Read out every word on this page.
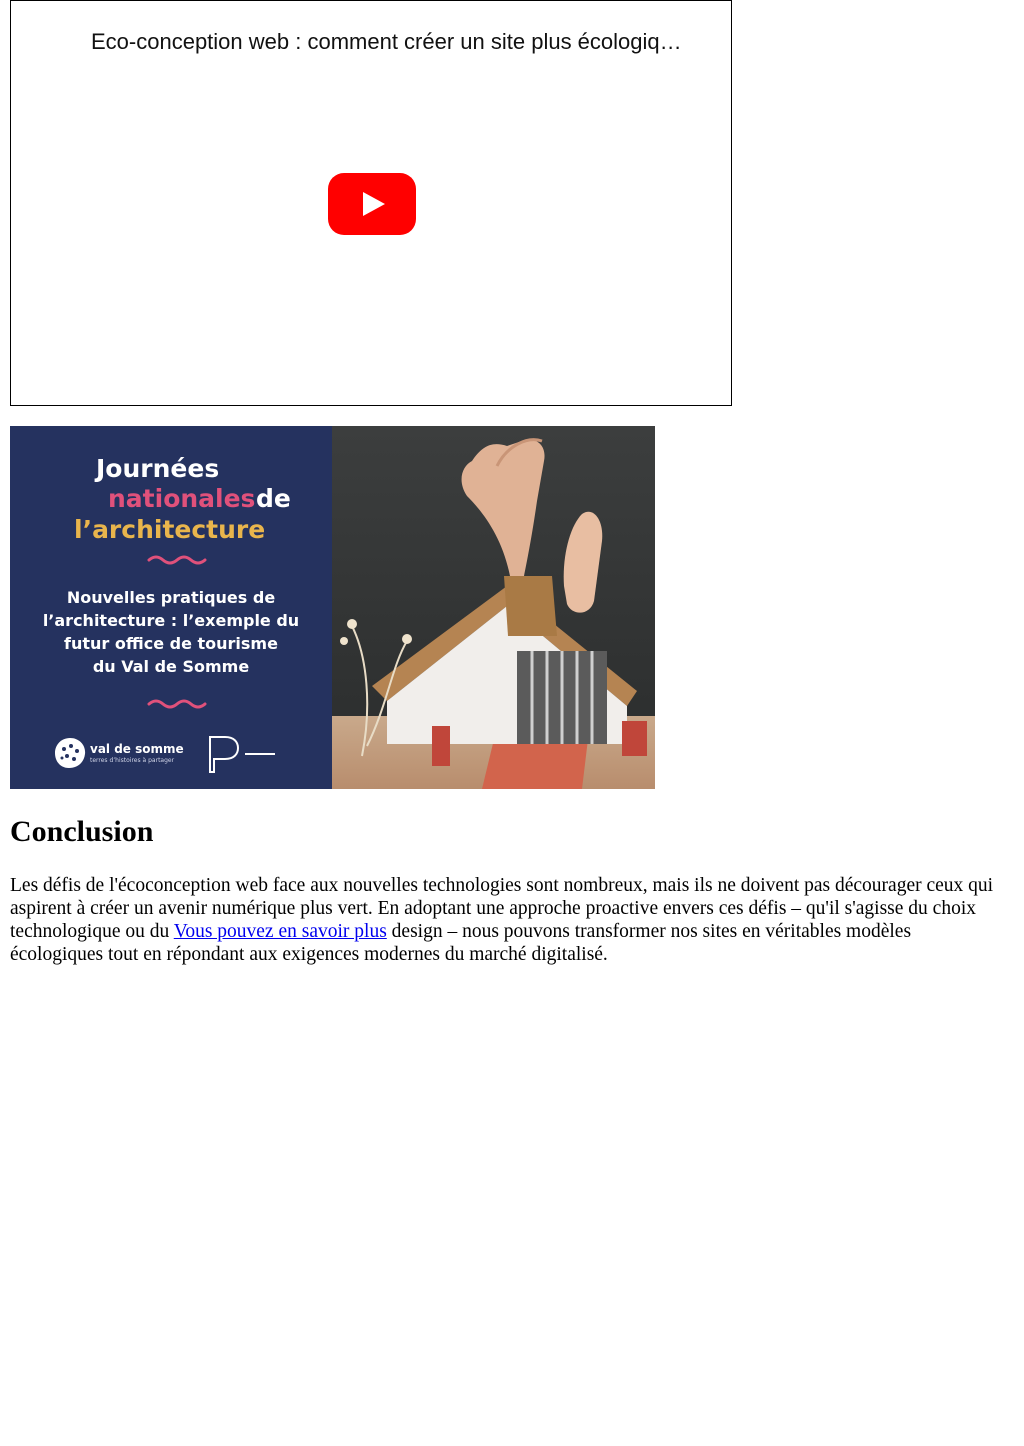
Eco-conception web : comment créer un site plus écologiq…
Journées
nationales de
l’architecture
Nouvelles pratiques de
l’architecture : l’exemple du
futur office de tourisme
du Val de Somme
val de somme
terres d’histoires à partager
Conclusion

Les défis de l'écoconception web face aux nouvelles technologies sont nombreux, mais ils ne doivent pas décourager ceux qui aspirent à créer un avenir numérique plus vert. En adoptant une approche proactive envers ces défis – qu'il s'agisse du choix technologique ou du Vous pouvez en savoir plus design – nous pouvons transformer nos sites en véritables modèles écologiques tout en répondant aux exigences modernes du marché digitalisé.
